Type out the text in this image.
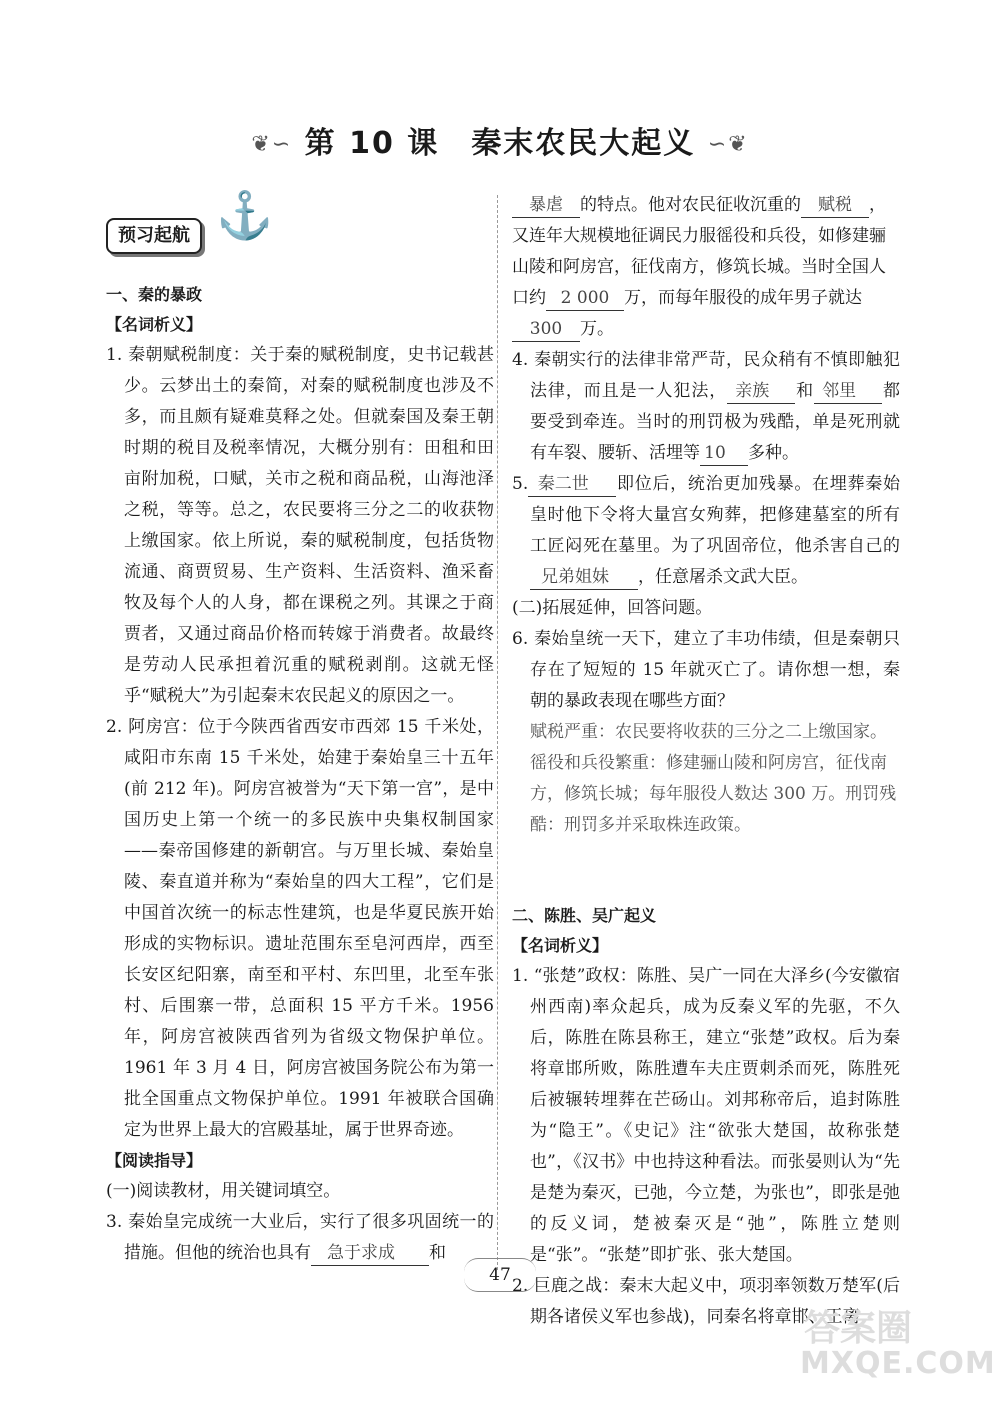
❦∽ 第 10 课 秦末农民大起义 ∽❦
预习起航 ⚓
一、秦的暴政
【名词析义】

1. 秦朝赋税制度：关于秦的赋税制度，史书记载甚少。云梦出土的秦简，对秦的赋税制度也涉及不多，而且颇有疑难莫释之处。但就秦国及秦王朝时期的税目及税率情况，大概分别有：田租和田亩附加税，口赋，关市之税和商品税，山海池泽之税，等等。总之，农民要将三分之二的收获物上缴国家。依上所说，秦的赋税制度，包括货物流通、商贾贸易、生产资料、生活资料、渔采畜牧及每个人的人身，都在课税之列。其课之于商贾者，又通过商品价格而转嫁于消费者。故最终是劳动人民承担着沉重的赋税剥削。这就无怪乎“赋税大”为引起秦末农民起义的原因之一。

2. 阿房宫：位于今陕西省西安市西郊 15 千米处，咸阳市东南 15 千米处，始建于秦始皇三十五年(前 212 年)。阿房宫被誉为“天下第一宫”，是中国历史上第一个统一的多民族中央集权制国家——秦帝国修建的新朝宫。与万里长城、秦始皇陵、秦直道并称为“秦始皇的四大工程”，它们是中国首次统一的标志性建筑，也是华夏民族开始形成的实物标识。遗址范围东至皂河西岸，西至长安区纪阳寨，南至和平村、东凹里，北至车张村、后围寨一带，总面积 15 平方千米。1956 年，阿房宫被陕西省列为省级文物保护单位。1961 年 3 月 4 日，阿房宫被国务院公布为第一批全国重点文物保护单位。1991 年被联合国确定为世界上最大的宫殿基址，属于世界奇迹。

【阅读指导】

(一)阅读教材，用关键词填空。

3. 秦始皇完成统一大业后，实行了很多巩固统一的措施。但他的统治也具有 急于求成 和

暴虐 的特点。他对农民征收沉重的 赋税 ，又连年大规模地征调民力服徭役和兵役，如修建骊山陵和阿房宫，征伐南方，修筑长城。当时全国人口约 2 000 万，而每年服役的成年男子就达300 万。

4. 秦朝实行的法律非常严苛，民众稍有不慎即触犯法律，而且是一人犯法， 亲族 和 邻里 都要受到牵连。当时的刑罚极为残酷，单是死刑就有车裂、腰斩、活埋等 10 多种。

5. 秦二世 即位后，统治更加残暴。在埋葬秦始皇时他下令将大量宫女殉葬，把修建墓室的所有工匠闷死在墓里。为了巩固帝位，他杀害自己的兄弟姐妹 ，任意屠杀文武大臣。

(二)拓展延伸，回答问题。

6. 秦始皇统一天下，建立了丰功伟绩，但是秦朝只存在了短短的 15 年就灭亡了。请你想一想，秦朝的暴政表现在哪些方面？

赋税严重：农民要将收获的三分之二上缴国家。徭役和兵役繁重：修建骊山陵和阿房宫，征伐南方，修筑长城；每年服役人数达 300 万。刑罚残酷：刑罚多并采取株连政策。

二、陈胜、吴广起义
【名词析义】

1. “张楚”政权：陈胜、吴广一同在大泽乡(今安徽宿州西南)率众起兵，成为反秦义军的先驱，不久后，陈胜在陈县称王，建立“张楚”政权。后为秦将章邯所败，陈胜遭车夫庄贾刺杀而死，陈胜死后被辗转埋葬在芒砀山。刘邦称帝后，追封陈胜为“隐王”。《史记》注“欲张大楚国，故称张楚也”，《汉书》中也持这种看法。而张晏则认为“先是楚为秦灭，已弛，今立楚，为张也”，即张是弛的反义词，楚被秦灭是“弛”，陈胜立楚则是“张”。“张楚”即扩张、张大楚国。

2. 巨鹿之战：秦末大起义中，项羽率领数万楚军(后期各诸侯义军也参战)，同秦名将章邯、王离

47
答案圈
MXQE.COM
